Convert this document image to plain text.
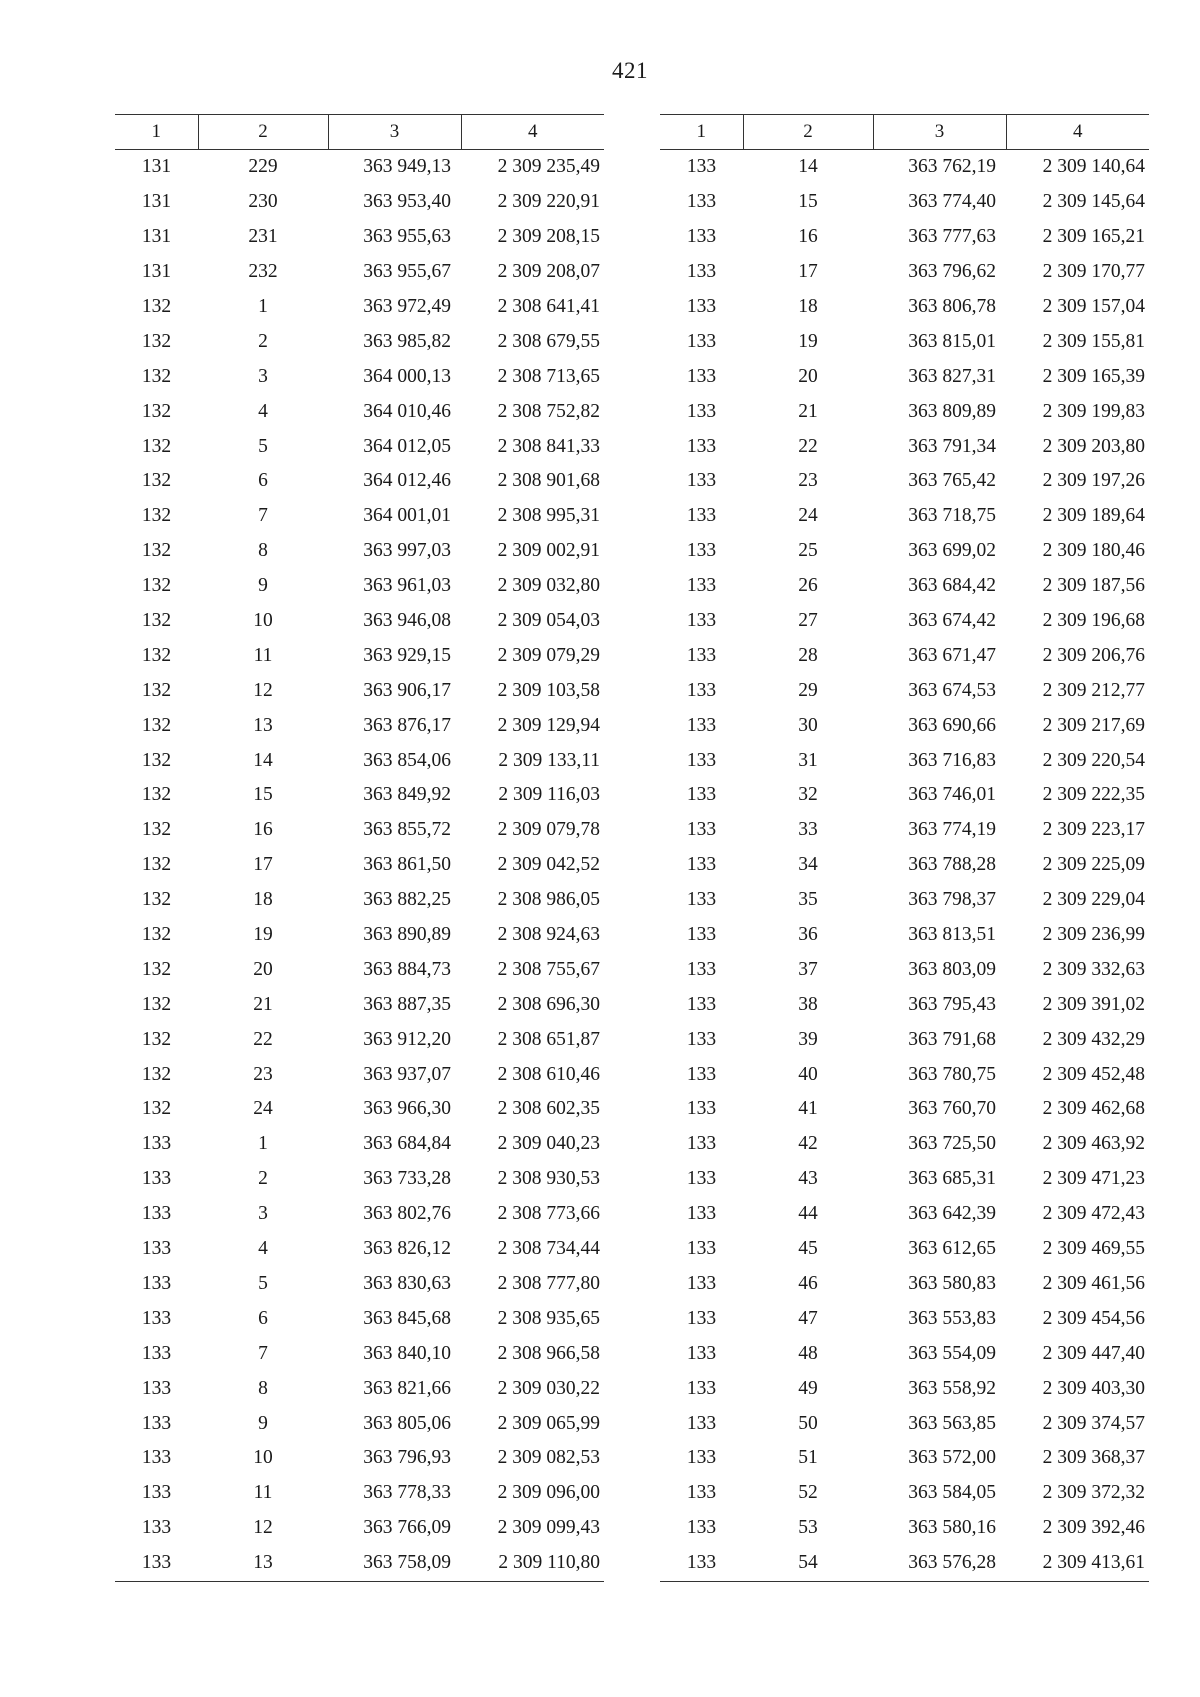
421
1	2	3	4
131	229	363 949,13	2 309 235,49
131	230	363 953,40	2 309 220,91
131	231	363 955,63	2 309 208,15
131	232	363 955,67	2 309 208,07
132	1	363 972,49	2 308 641,41
132	2	363 985,82	2 308 679,55
132	3	364 000,13	2 308 713,65
132	4	364 010,46	2 308 752,82
132	5	364 012,05	2 308 841,33
132	6	364 012,46	2 308 901,68
132	7	364 001,01	2 308 995,31
132	8	363 997,03	2 309 002,91
132	9	363 961,03	2 309 032,80
132	10	363 946,08	2 309 054,03
132	11	363 929,15	2 309 079,29
132	12	363 906,17	2 309 103,58
132	13	363 876,17	2 309 129,94
132	14	363 854,06	2 309 133,11
132	15	363 849,92	2 309 116,03
132	16	363 855,72	2 309 079,78
132	17	363 861,50	2 309 042,52
132	18	363 882,25	2 308 986,05
132	19	363 890,89	2 308 924,63
132	20	363 884,73	2 308 755,67
132	21	363 887,35	2 308 696,30
132	22	363 912,20	2 308 651,87
132	23	363 937,07	2 308 610,46
132	24	363 966,30	2 308 602,35
133	1	363 684,84	2 309 040,23
133	2	363 733,28	2 308 930,53
133	3	363 802,76	2 308 773,66
133	4	363 826,12	2 308 734,44
133	5	363 830,63	2 308 777,80
133	6	363 845,68	2 308 935,65
133	7	363 840,10	2 308 966,58
133	8	363 821,66	2 309 030,22
133	9	363 805,06	2 309 065,99
133	10	363 796,93	2 309 082,53
133	11	363 778,33	2 309 096,00
133	12	363 766,09	2 309 099,43
133	13	363 758,09	2 309 110,80
1	2	3	4
133	14	363 762,19	2 309 140,64
133	15	363 774,40	2 309 145,64
133	16	363 777,63	2 309 165,21
133	17	363 796,62	2 309 170,77
133	18	363 806,78	2 309 157,04
133	19	363 815,01	2 309 155,81
133	20	363 827,31	2 309 165,39
133	21	363 809,89	2 309 199,83
133	22	363 791,34	2 309 203,80
133	23	363 765,42	2 309 197,26
133	24	363 718,75	2 309 189,64
133	25	363 699,02	2 309 180,46
133	26	363 684,42	2 309 187,56
133	27	363 674,42	2 309 196,68
133	28	363 671,47	2 309 206,76
133	29	363 674,53	2 309 212,77
133	30	363 690,66	2 309 217,69
133	31	363 716,83	2 309 220,54
133	32	363 746,01	2 309 222,35
133	33	363 774,19	2 309 223,17
133	34	363 788,28	2 309 225,09
133	35	363 798,37	2 309 229,04
133	36	363 813,51	2 309 236,99
133	37	363 803,09	2 309 332,63
133	38	363 795,43	2 309 391,02
133	39	363 791,68	2 309 432,29
133	40	363 780,75	2 309 452,48
133	41	363 760,70	2 309 462,68
133	42	363 725,50	2 309 463,92
133	43	363 685,31	2 309 471,23
133	44	363 642,39	2 309 472,43
133	45	363 612,65	2 309 469,55
133	46	363 580,83	2 309 461,56
133	47	363 553,83	2 309 454,56
133	48	363 554,09	2 309 447,40
133	49	363 558,92	2 309 403,30
133	50	363 563,85	2 309 374,57
133	51	363 572,00	2 309 368,37
133	52	363 584,05	2 309 372,32
133	53	363 580,16	2 309 392,46
133	54	363 576,28	2 309 413,61
